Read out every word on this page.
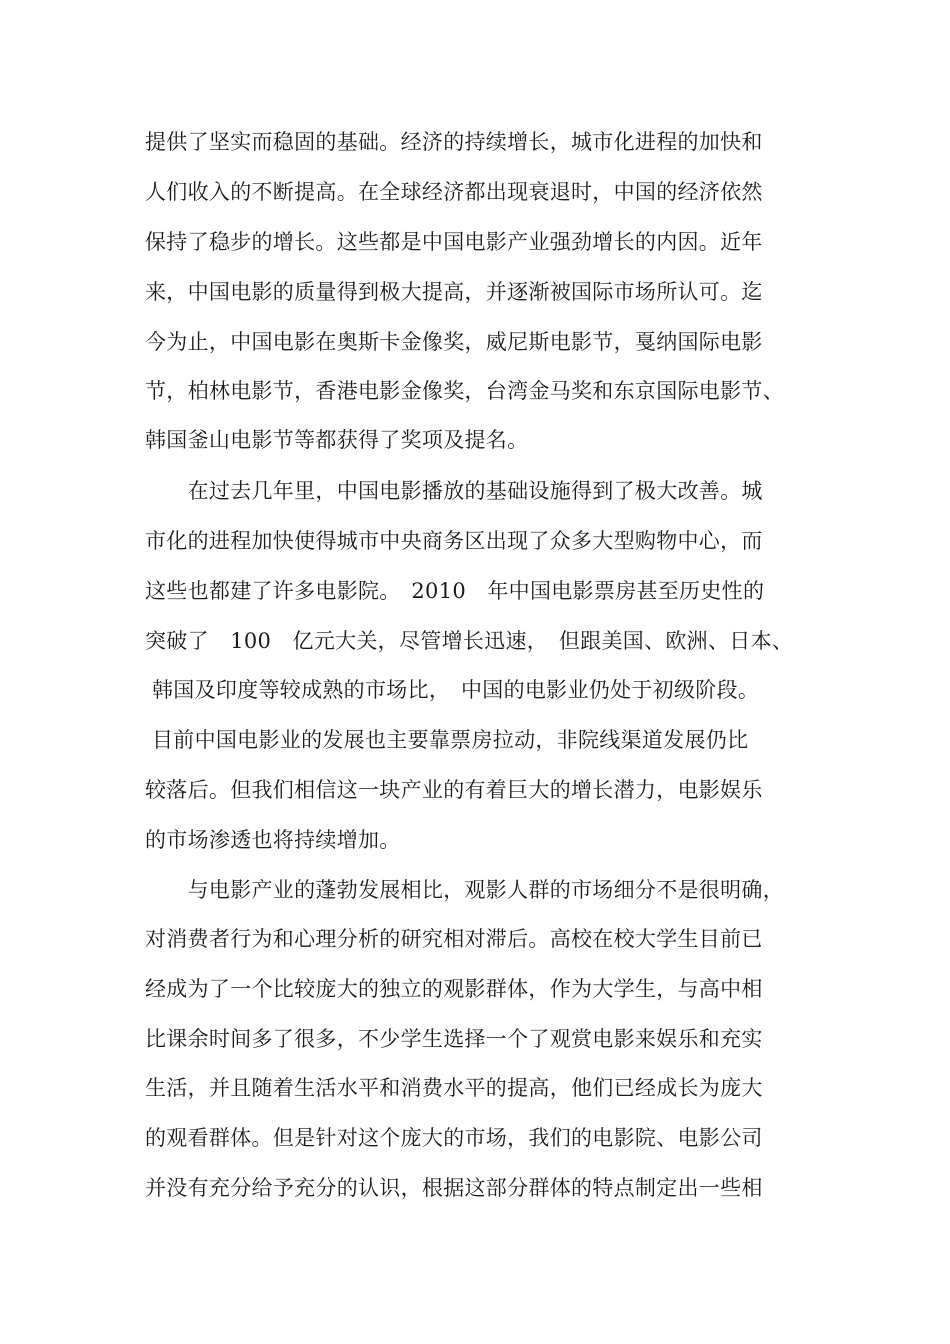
提供了坚实而稳固的基础。经济的持续增长，城市化进程的加快和
人们收入的不断提高。在全球经济都出现衰退时，中国的经济依然
保持了稳步的增长。这些都是中国电影产业强劲增长的内因。近年
来，中国电影的质量得到极大提高，并逐渐被国际市场所认可。迄
今为止，中国电影在奥斯卡金像奖，威尼斯电影节，戛纳国际电影
节，柏林电影节，香港电影金像奖，台湾金马奖和东京国际电影节、
韩国釜山电影节等都获得了奖项及提名。
　　在过去几年里，中国电影播放的基础设施得到了极大改善。城
市化的进程加快使得城市中央商务区出现了众多大型购物中心，而
这些也都建了许多电影院。　2010　年中国电影票房甚至历史性的
突破了　100　亿元大关，尽管增长迅速，　但跟美国、欧洲、日本、
韩国及印度等较成熟的市场比，　中国的电影业仍处于初级阶段。
目前中国电影业的发展也主要靠票房拉动，非院线渠道发展仍比
较落后。但我们相信这一块产业的有着巨大的增长潜力，电影娱乐
的市场渗透也将持续增加。
　　与电影产业的蓬勃发展相比，观影人群的市场细分不是很明确，
对消费者行为和心理分析的研究相对滞后。高校在校大学生目前已
经成为了一个比较庞大的独立的观影群体，作为大学生，与高中相
比课余时间多了很多，不少学生选择一个了观赏电影来娱乐和充实
生活，并且随着生活水平和消费水平的提高，他们已经成长为庞大
的观看群体。但是针对这个庞大的市场，我们的电影院、电影公司
并没有充分给予充分的认识，根据这部分群体的特点制定出一些相
